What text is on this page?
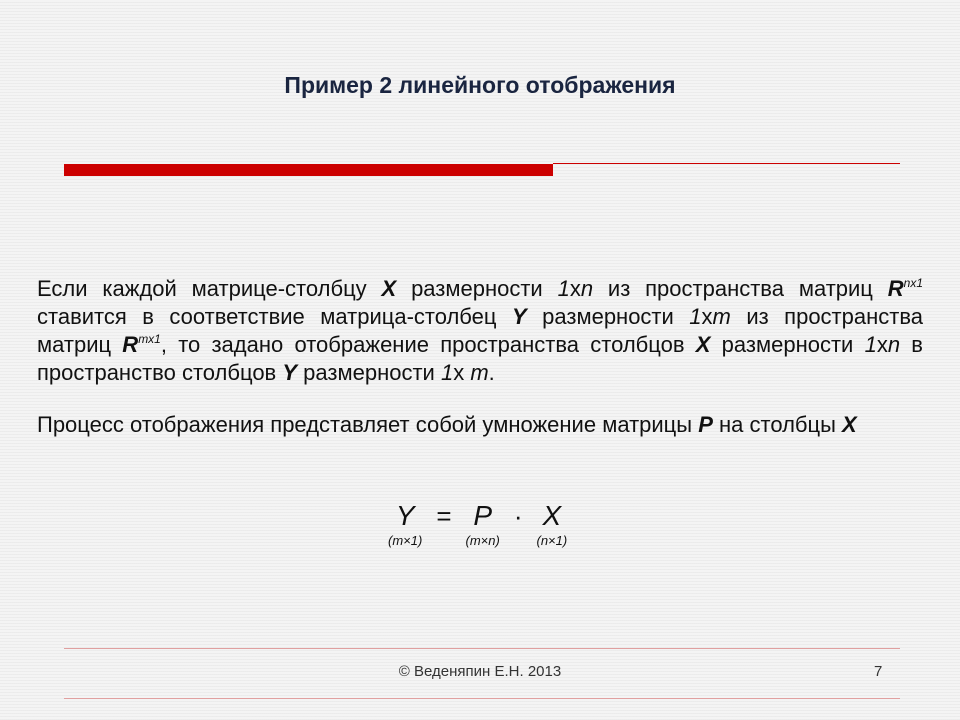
Пример 2 линейного отображения

Если каждой матрице-столбцу X размерности 1xn из пространства матриц $R^{nx1}$ ставится в соответствие матрица-столбец Y размерности 1xm из пространства матриц $R^{mx1}$, то задано отображение пространства столбцов X размерности 1xn в пространство столбцов Y размерности 1x m.

Процесс отображения представляет собой умножение матрицы P на столбцы X

Y
(m×1)
= P
(m×n)
· X
(n×1)
© Веденяпин Е.Н. 2013	7
